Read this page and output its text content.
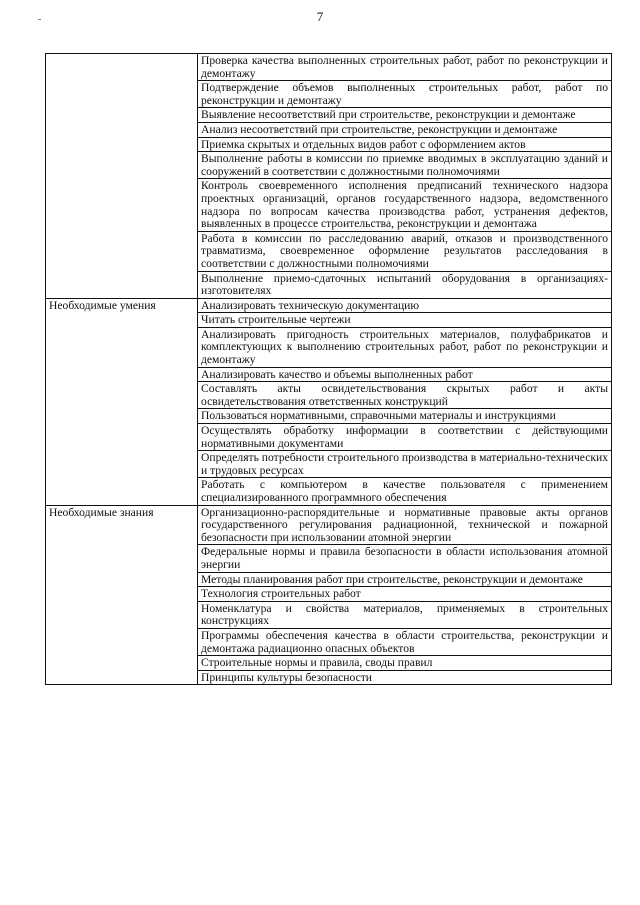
7
-
	Проверка качества выполненных строительных работ, работ по реконструкции и демонтажу
	Подтверждение объемов выполненных строительных работ, работ по реконструкции и демонтажу
	Выявление несоответствий при строительстве, реконструкции и демонтаже
	Анализ несоответствий при строительстве, реконструкции и демонтаже
	Приемка скрытых и отдельных видов работ с оформлением актов
	Выполнение работы в комиссии по приемке вводимых в эксплуатацию зданий и сооружений в соответствии с должностными полномочиями
	Контроль своевременного исполнения предписаний технического надзора проектных организаций, органов государственного надзора, ведомственного надзора по вопросам качества производства работ, устранения дефектов, выявленных в процессе строительства, реконструкции и демонтажа
	Работа в комиссии по расследованию аварий, отказов и производственного травматизма, своевременное оформление результатов расследования в соответствии с должностными полномочиями
	Выполнение приемо-сдаточных испытаний оборудования в организациях-изготовителях
Необходимые умения	Анализировать техническую документацию
	Читать строительные чертежи
	Анализировать пригодность строительных материалов, полуфабрикатов и комплектующих к выполнению строительных работ, работ по реконструкции и демонтажу
	Анализировать качество и объемы выполненных работ
	Составлять акты освидетельствования скрытых работ и акты освидетельствования ответственных конструкций
	Пользоваться нормативными, справочными материалы и инструкциями
	Осуществлять обработку информации в соответствии с действующими нормативными документами
	Определять потребности строительного производства в материально-технических и трудовых ресурсах
	Работать с компьютером в качестве пользователя с применением специализированного программного обеспечения
Необходимые знания	Организационно-распорядительные и нормативные правовые акты органов государственного регулирования радиационной, технической и пожарной безопасности при использовании атомной энергии
	Федеральные нормы и правила безопасности в области использования атомной энергии
	Методы планирования работ при строительстве, реконструкции и демонтаже
	Технология строительных работ
	Номенклатура и свойства материалов, применяемых в строительных конструкциях
	Программы обеспечения качества в области строительства, реконструкции и демонтажа радиационно опасных объектов
	Строительные нормы и правила, своды правил
	Принципы культуры безопасности
